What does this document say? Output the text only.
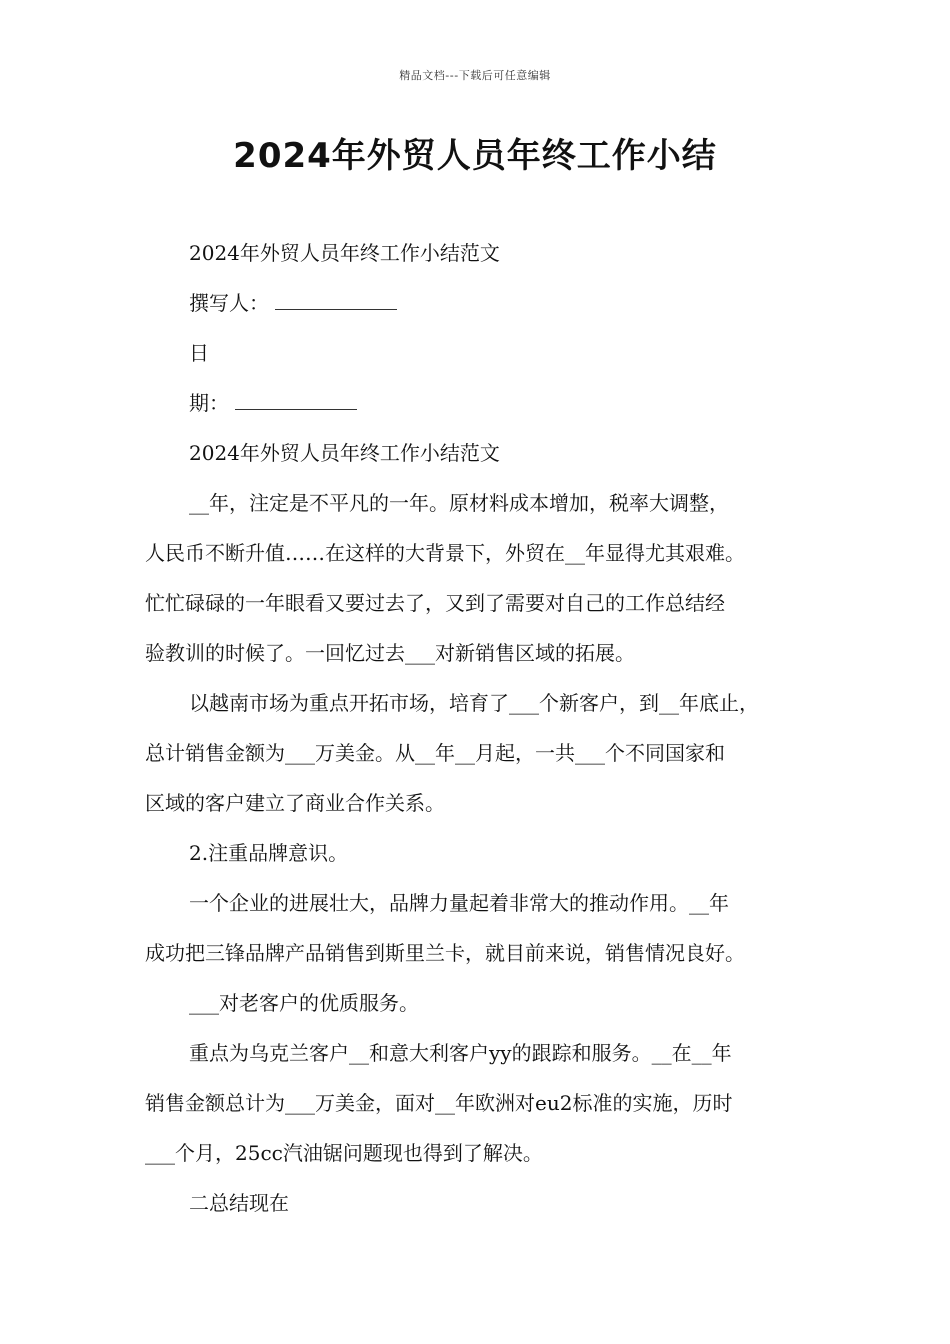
精品文档---下载后可任意编辑
2024年外贸人员年终工作小结
2024年外贸人员年终工作小结范文
撰写人：
日
期：
2024年外贸人员年终工作小结范文
__年，注定是不平凡的一年。原材料成本增加，税率大调整，
人民币不断升值……在这样的大背景下，外贸在__年显得尤其艰难。
忙忙碌碌的一年眼看又要过去了，又到了需要对自己的工作总结经
验教训的时候了。一回忆过去___对新销售区域的拓展。
以越南市场为重点开拓市场，培育了___个新客户，到__年底止，
总计销售金额为___万美金。从__年__月起，一共___个不同国家和
区域的客户建立了商业合作关系。
2.注重品牌意识。
一个企业的进展壮大，品牌力量起着非常大的推动作用。__年
成功把三锋品牌产品销售到斯里兰卡，就目前来说，销售情况良好。
___对老客户的优质服务。
重点为乌克兰客户__和意大利客户yy的跟踪和服务。__在__年
销售金额总计为___万美金，面对__年欧洲对eu2标准的实施，历时
___个月，25cc汽油锯问题现也得到了解决。
二总结现在
